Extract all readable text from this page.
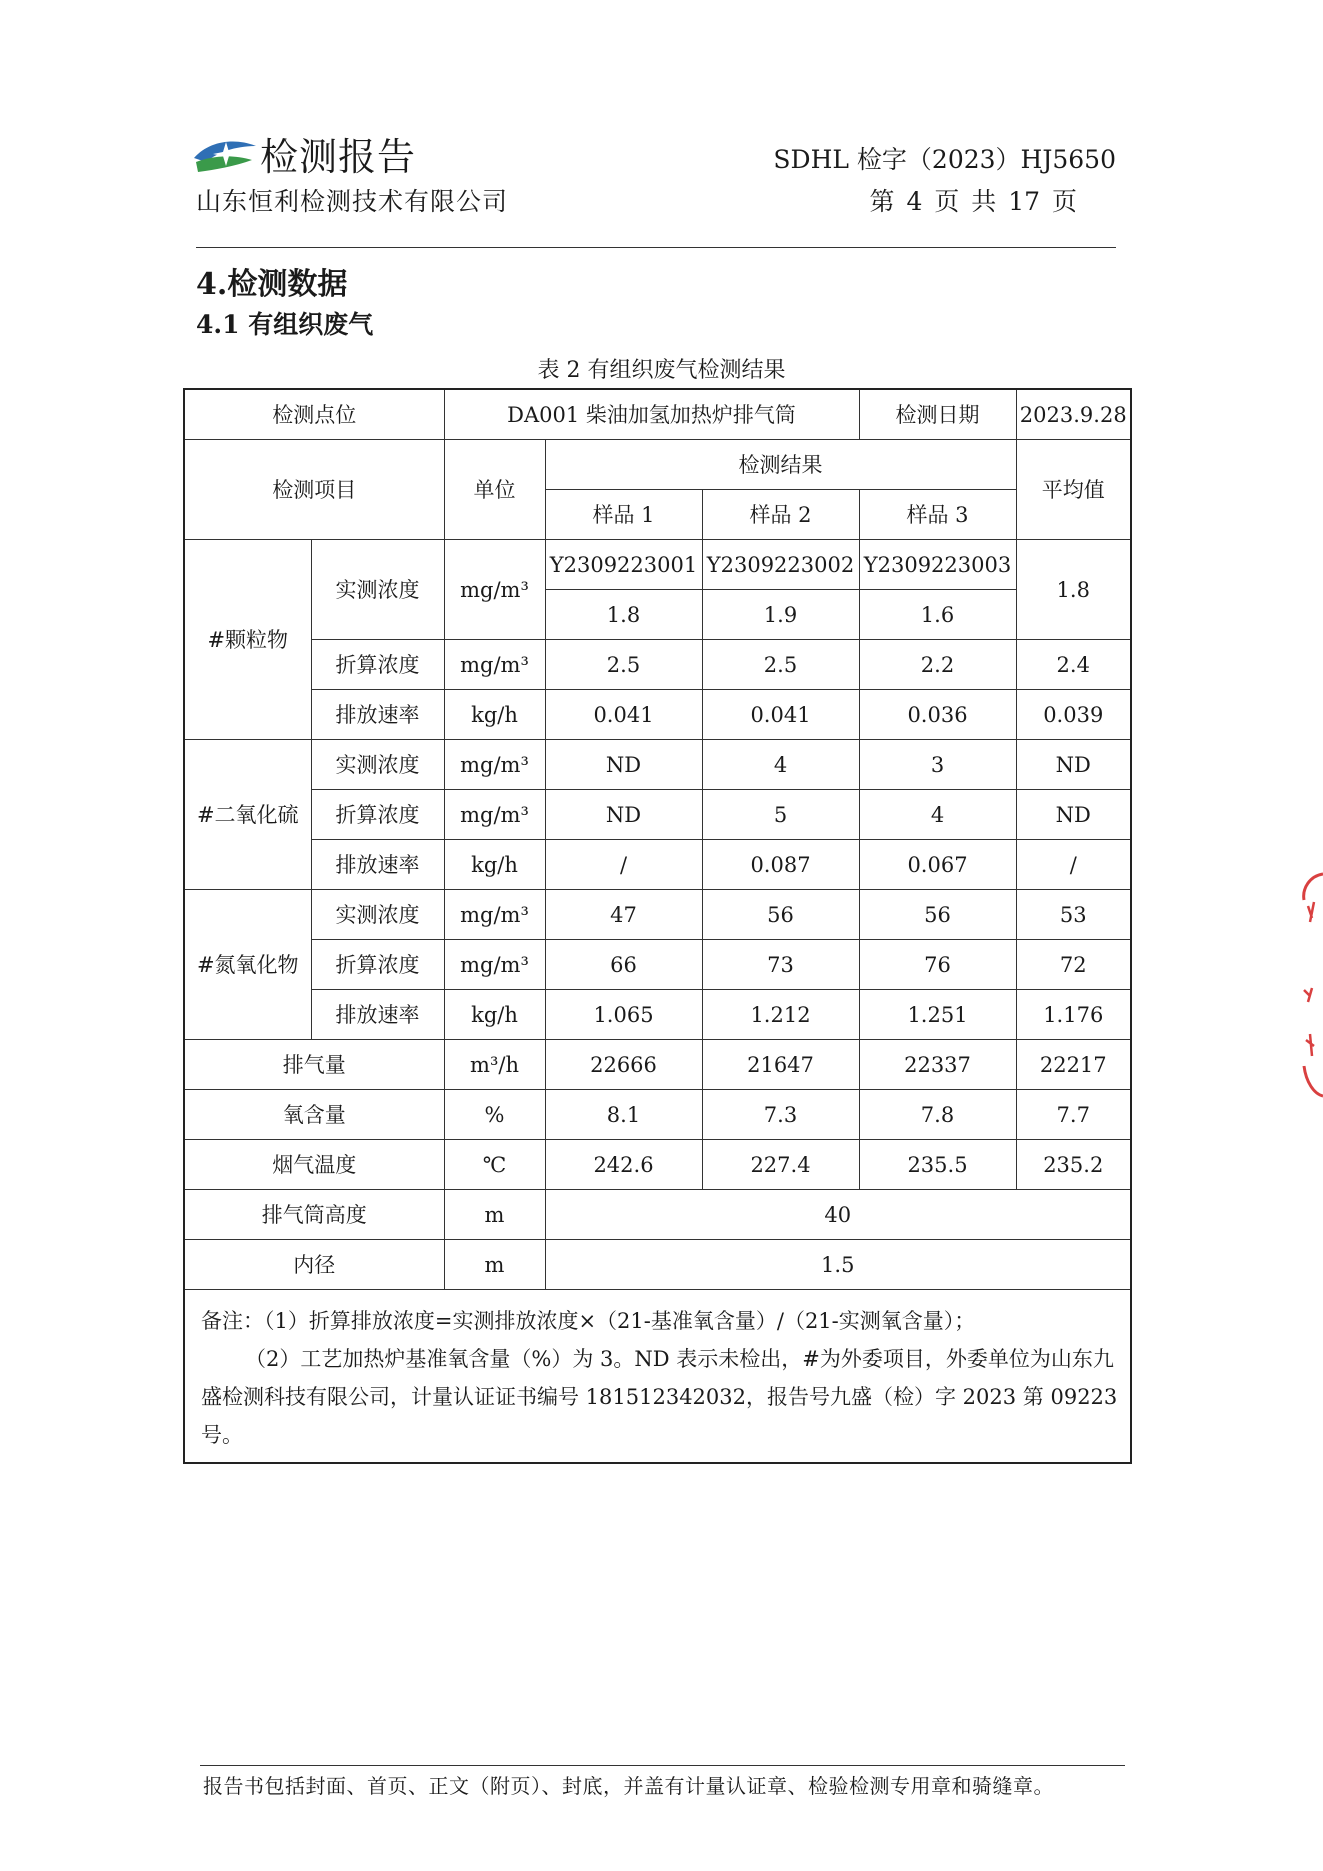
检测报告
山东恒利检测技术有限公司
SDHL 检字（2023）HJ5650
第 4 页 共 17 页
4.检测数据
4.1 有组织废气
表 2 有组织废气检测结果
检测点位		DA001 柴油加氢加热炉排气筒			检测日期	2023.9.28
检测项目		单位	检测结果			平均值
			样品 1	样品 2	样品 3	
#颗粒物	实测浓度	mg/m³	Y2309223001	Y2309223002	Y2309223003	1.8
			1.8	1.9	1.6	
	折算浓度	mg/m³	2.5	2.5	2.2	2.4
	排放速率	kg/h	0.041	0.041	0.036	0.039
#二氧化硫	实测浓度	mg/m³	ND	4	3	ND
	折算浓度	mg/m³	ND	5	4	ND
	排放速率	kg/h	/	0.087	0.067	/
#氮氧化物	实测浓度	mg/m³	47	56	56	53
	折算浓度	mg/m³	66	73	76	72
	排放速率	kg/h	1.065	1.212	1.251	1.176
排气量		m³/h	22666	21647	22337	22217
氧含量		%	8.1	7.3	7.8	7.7
烟气温度		℃	242.6	227.4	235.5	235.2
排气筒高度		m	40			
内径		m	1.5			

备注：（1）折算排放浓度=实测排放浓度×（21-基准氧含量）/（21-实测氧含量）；
（2）工艺加热炉基准氧含量（%）为 3。ND 表示未检出，#为外委项目，外委单位为山东九盛检测科技有限公司，计量认证证书编号 181512342032，报告号九盛（检）字 2023 第 09223 号。						
报告书包括封面、首页、正文（附页）、封底，并盖有计量认证章、检验检测专用章和骑缝章。
